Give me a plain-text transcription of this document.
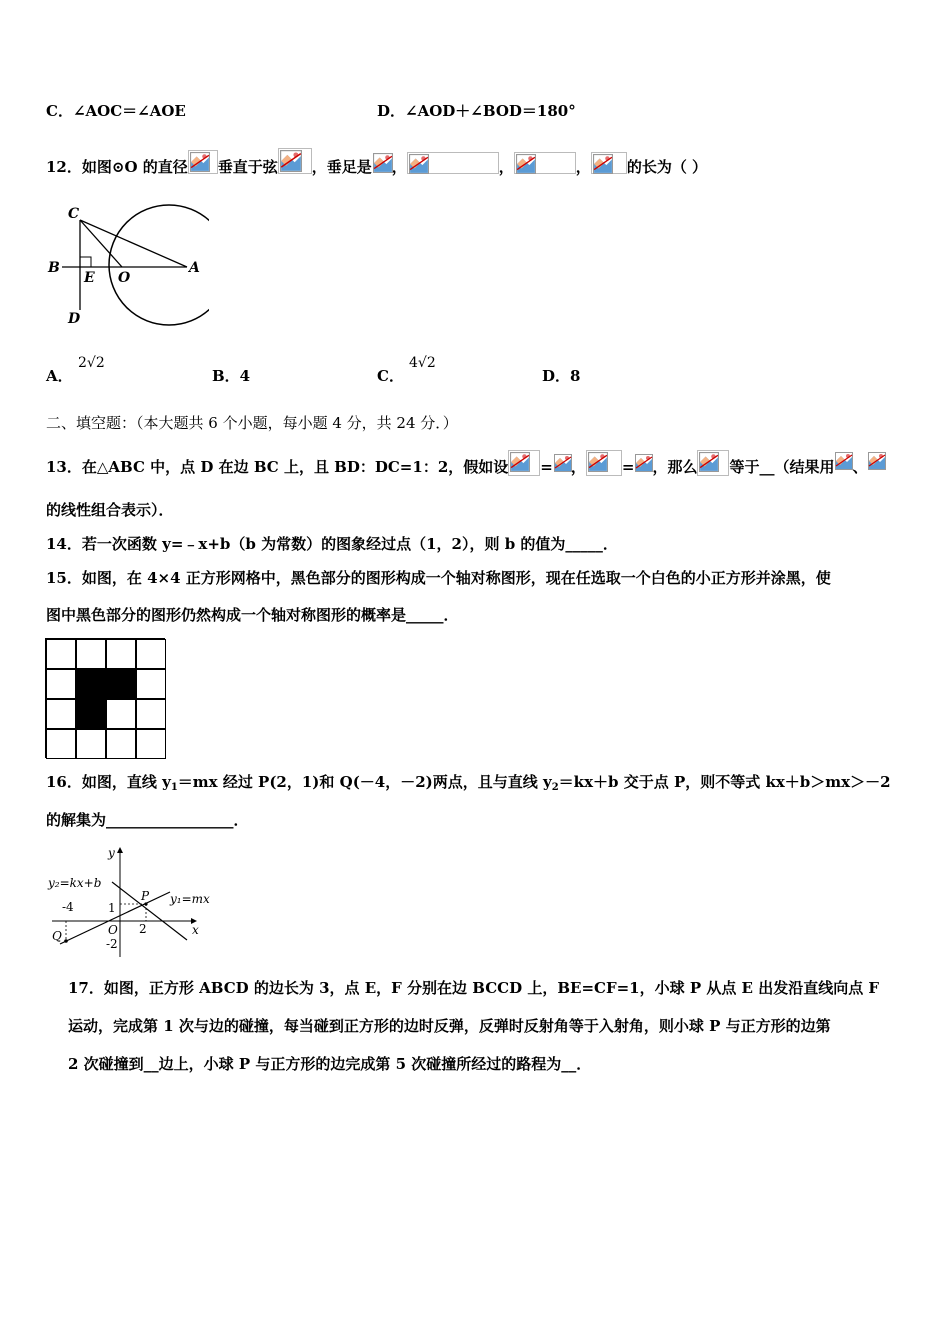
C．∠AOC＝∠AOE	D．∠AOD＋∠BOD＝180°
12．如图⊙O 的直径 垂直于弦 ，垂足是 ，	，	， 的长为（ ）
C
B
E O
A
D
A．
2√2
B．4	C．
4√2
D．8
二、填空题：（本大题共 6 个小题，每小题 4 分，共 24 分．）
13．在△ABC 中，点 D 在边 BC 上，且 BD：DC=1：2，假如设 = ， = ，那么 等于__（结果用 、
的线性组合表示）．
14．若一次函数 y=﹣x+b（b 为常数）的图象经过点（1，2），则 b 的值为_____．
15．如图，在 4×4 正方形网格中，黑色部分的图形构成一个轴对称图形，现在任选取一个白色的小正方形并涂黑，使
图中黑色部分的图形仍然构成一个轴对称图形的概率是_____．
16．如图，直线 $y_1=mx$ 经过 P(2，1)和 Q(－4，－2)两点，且与直线 $y_2=kx+b$ 交于点 P，则不等式 kx＋b＞mx＞－2
的解集为_________________．
y
x
y₂=kx+b
y₁=mx
P
Q	O
-4	1
2
-2
17．如图，正方形 ABCD 的边长为 3，点 E，F 分别在边 BCCD 上，BE=CF=1，小球 P 从点 E 出发沿直线向点 F
运动，完成第 1 次与边的碰撞，每当碰到正方形的边时反弹，反弹时反射角等于入射角，则小球 P 与正方形的边第
2 次碰撞到__边上，小球 P 与正方形的边完成第 5 次碰撞所经过的路程为__．
